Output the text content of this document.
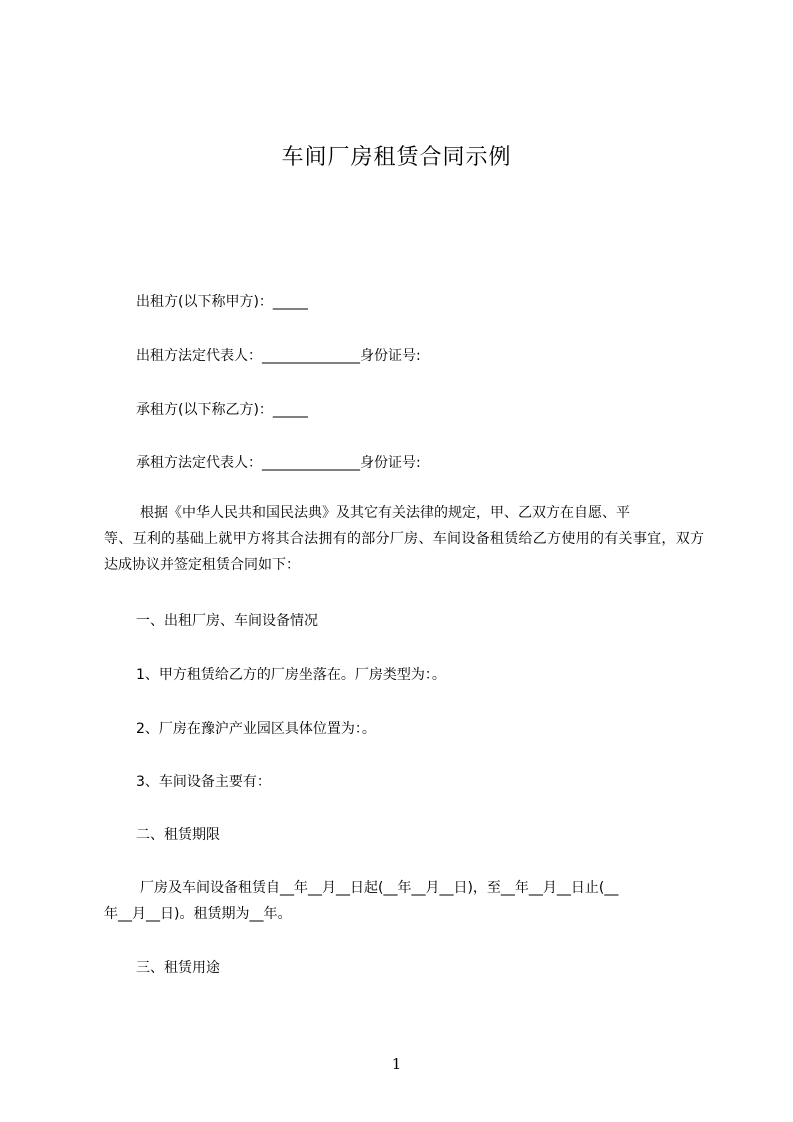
车间厂房租赁合同示例
出租方(以下称甲方)：_____
出租方法定代表人：______________身份证号:
承租方(以下称乙方)：_____
承租方法定代表人：______________身份证号:
根据《中华人民共和国民法典》及其它有关法律的规定，甲、乙双方在自愿、平
等、互利的基础上就甲方将其合法拥有的部分厂房、车间设备租赁给乙方使用的有关事宜，双方达成协议并签定租赁合同如下：
一、出租厂房、车间设备情况
1、甲方租赁给乙方的厂房坐落在。厂房类型为：。
2、厂房在豫沪产业园区具体位置为：。
3、车间设备主要有：
二、租赁期限
厂房及车间设备租赁自__年__月__日起(__年__月__日)，至__年__月__日止(__
年__月__日)。租赁期为__年。
三、租赁用途
1
